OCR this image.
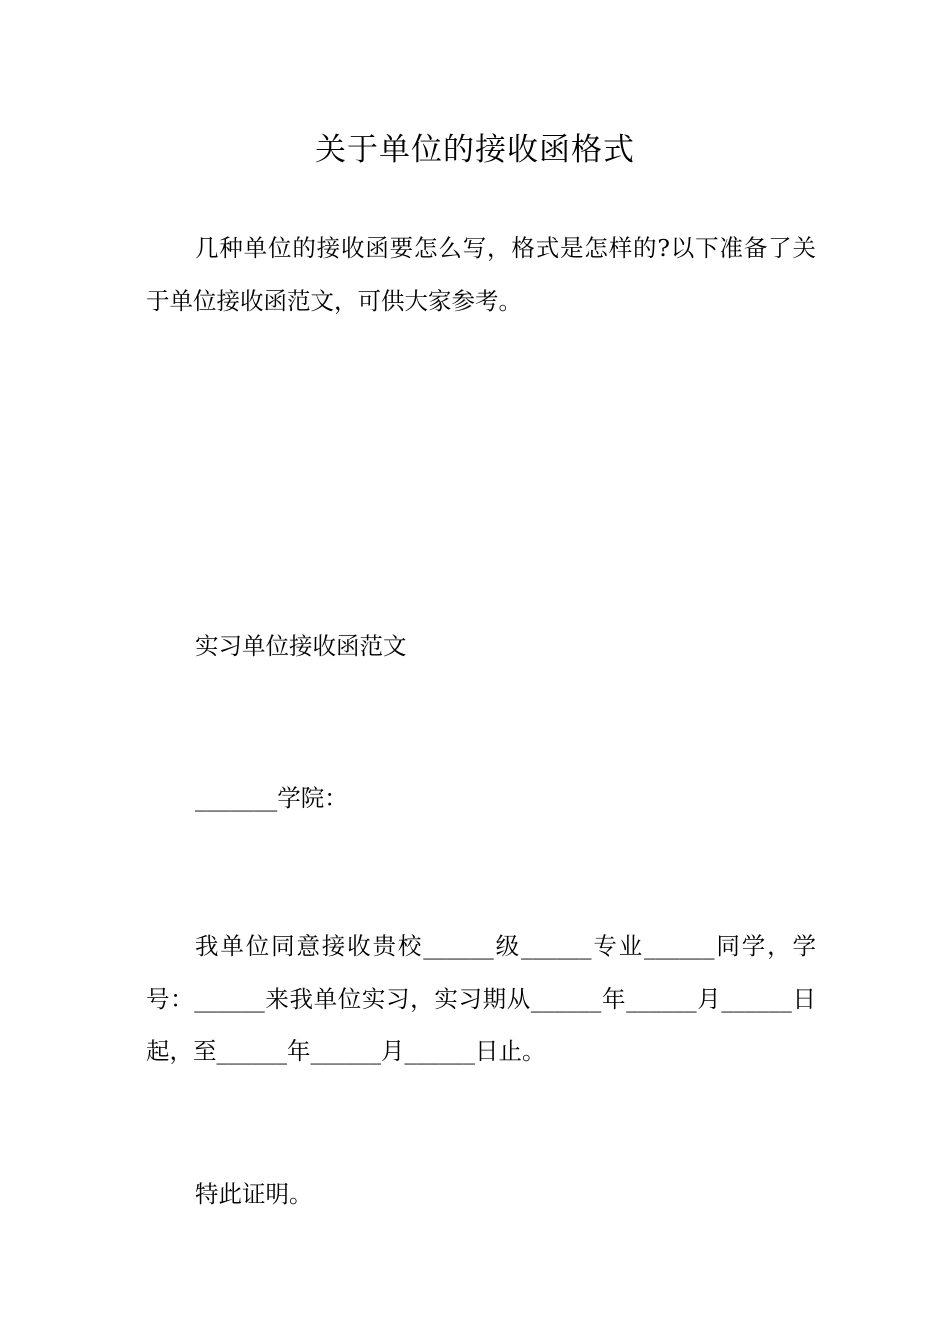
关于单位的接收函格式

几种单位的接收函要怎么写，格式是怎样的?以下准备了关于单位接收函范文，可供大家参考。

实习单位接收函范文

_______学院：

我单位同意接收贵校______级______专业______同学，学号：______来我单位实习，实习期从______年______月______日起，至______年______月______日止。

特此证明。
